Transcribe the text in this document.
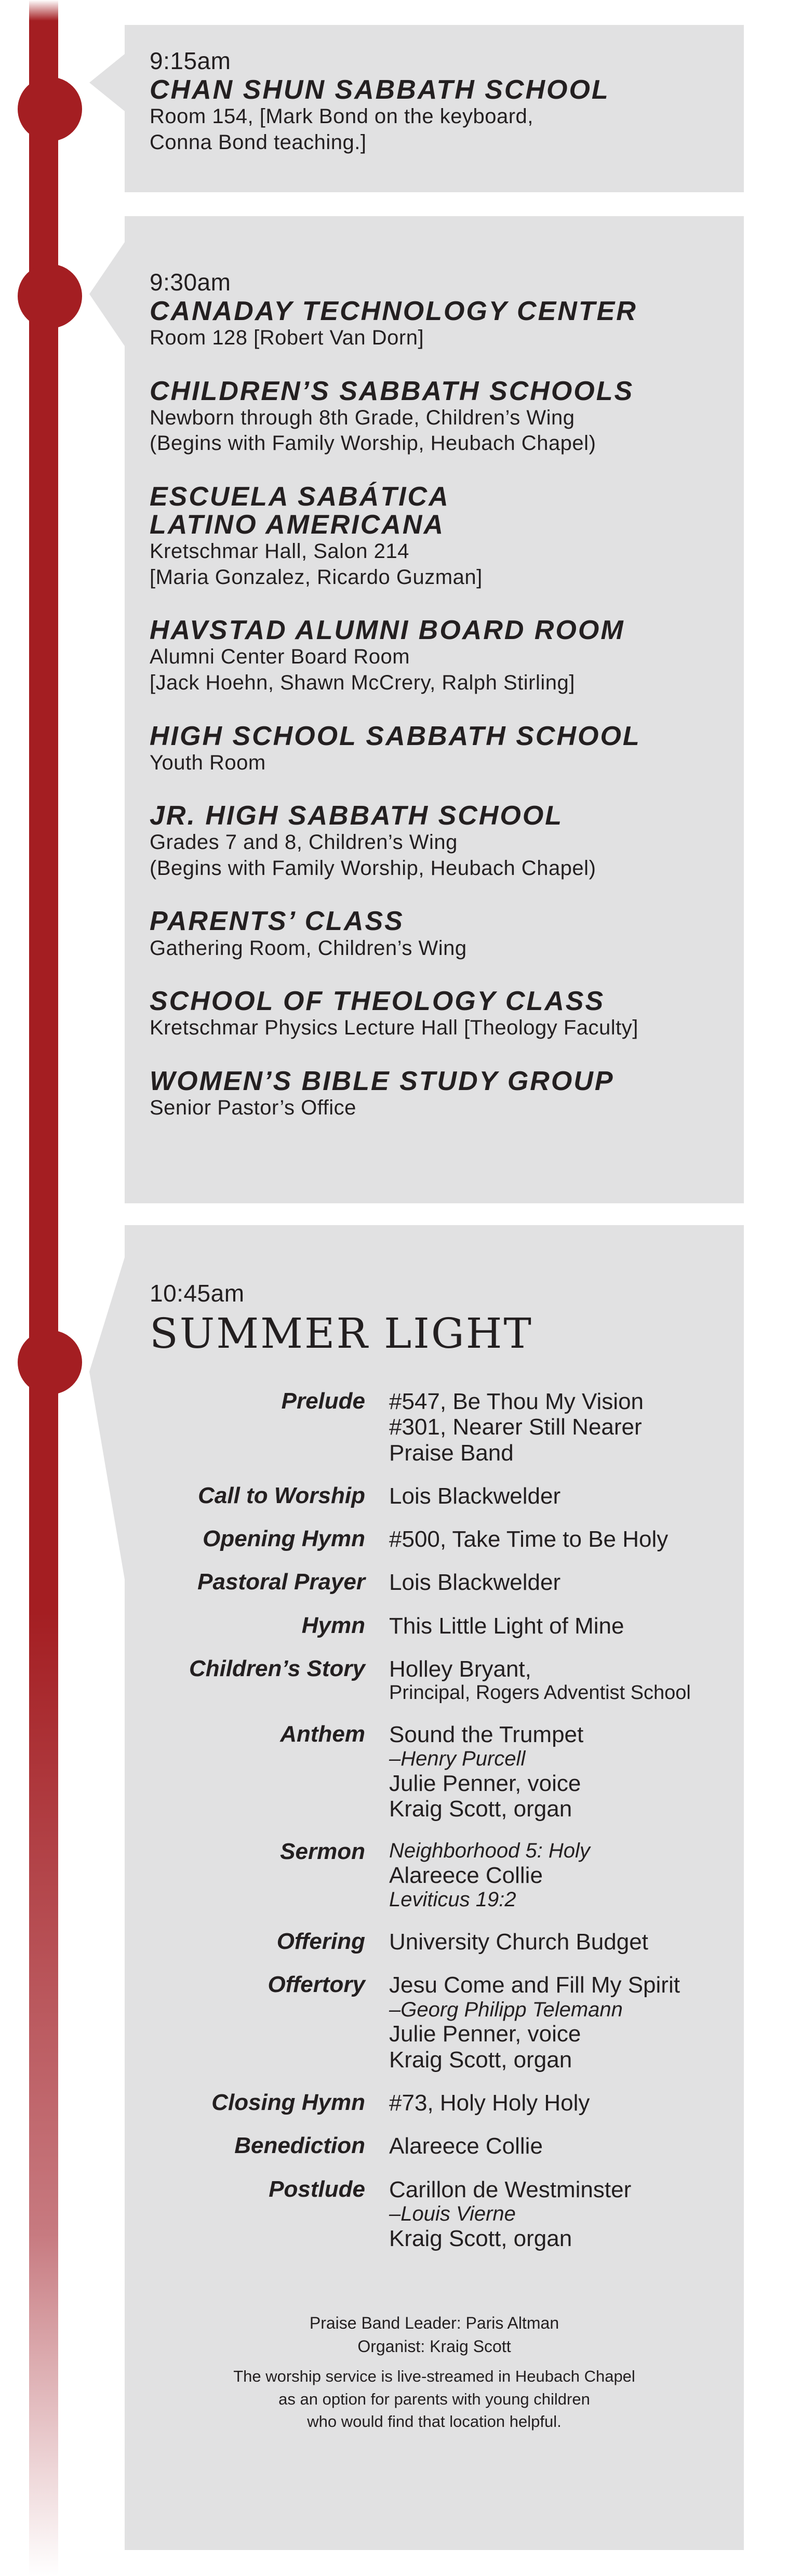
9:15am
CHAN SHUN SABBATH SCHOOL
Room 154, [Mark Bond on the keyboard,
Conna Bond teaching.]
9:30am
CANADAY TECHNOLOGY CENTER
Room 128 [Robert Van Dorn]
CHILDREN’S SABBATH SCHOOLS
Newborn through 8th Grade, Children’s Wing
(Begins with Family Worship, Heubach Chapel)
ESCUELA SABÁTICA
LATINO AMERICANA
Kretschmar Hall, Salon 214
[Maria Gonzalez, Ricardo Guzman]
HAVSTAD ALUMNI BOARD ROOM
Alumni Center Board Room
[Jack Hoehn, Shawn McCrery, Ralph Stirling]
HIGH SCHOOL SABBATH SCHOOL
Youth Room
JR. HIGH SABBATH SCHOOL
Grades 7 and 8, Children’s Wing
(Begins with Family Worship, Heubach Chapel)
PARENTS’ CLASS
Gathering Room, Children’s Wing
SCHOOL OF THEOLOGY CLASS
Kretschmar Physics Lecture Hall [Theology Faculty]
WOMEN’S BIBLE STUDY GROUP
Senior Pastor’s Office
10:45am
SUMMER LIGHT
Prelude	#547, Be Thou My Vision
#301, Nearer Still Nearer
Praise Band

Call to Worship	Lois Blackwelder

Opening Hymn	#500, Take Time to Be Holy

Pastoral Prayer	Lois Blackwelder

Hymn	This Little Light of Mine

Children’s Story	Holley Bryant,
Principal, Rogers Adventist School

Anthem	Sound the Trumpet
–Henry Purcell
Julie Penner, voice
Kraig Scott, organ

Sermon	Neighborhood 5: Holy
Alareece Collie
Leviticus 19:2

Offering	University Church Budget

Offertory	Jesu Come and Fill My Spirit
–Georg Philipp Telemann
Julie Penner, voice
Kraig Scott, organ

Closing Hymn	#73, Holy Holy Holy

Benediction	Alareece Collie

Postlude	Carillon de Westminster
–Louis Vierne
Kraig Scott, organ
Praise Band Leader: Paris Altman
Organist: Kraig Scott
The worship service is live-streamed in Heubach Chapel
as an option for parents with young children
who would find that location helpful.
